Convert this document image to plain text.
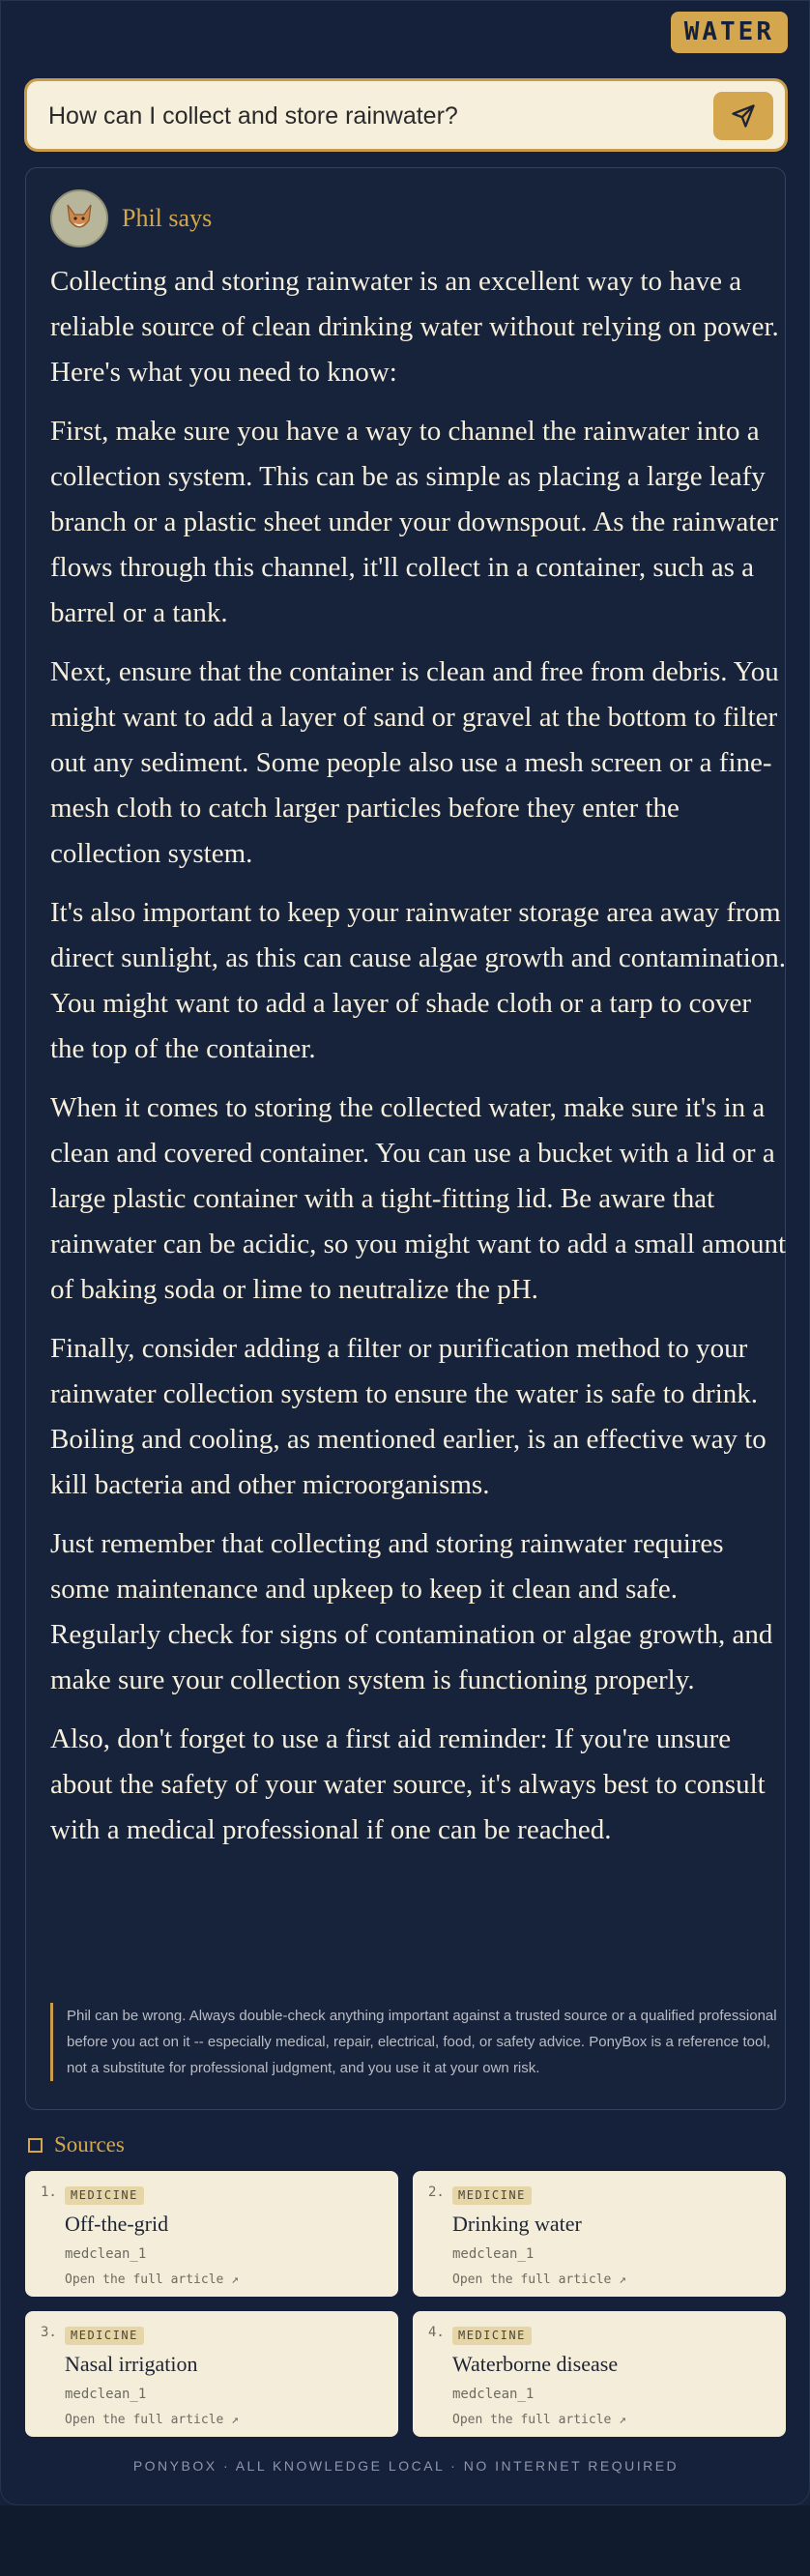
WATER
How can I collect and store rainwater?
Phil says

Collecting and storing rainwater is an excellent way to have a reliable source of clean drinking water without relying on power. Here's what you need to know:

First, make sure you have a way to channel the rainwater into a collection system. This can be as simple as placing a large leafy branch or a plastic sheet under your downspout. As the rainwater flows through this channel, it'll collect in a container, such as a barrel or a tank.

Next, ensure that the container is clean and free from debris. You might want to add a layer of sand or gravel at the bottom to filter out any sediment. Some people also use a mesh screen or a fine-mesh cloth to catch larger particles before they enter the collection system.

It's also important to keep your rainwater storage area away from direct sunlight, as this can cause algae growth and contamination. You might want to add a layer of shade cloth or a tarp to cover the top of the container.

When it comes to storing the collected water, make sure it's in a clean and covered container. You can use a bucket with a lid or a large plastic container with a tight-fitting lid. Be aware that rainwater can be acidic, so you might want to add a small amount of baking soda or lime to neutralize the pH.

Finally, consider adding a filter or purification method to your rainwater collection system to ensure the water is safe to drink. Boiling and cooling, as mentioned earlier, is an effective way to kill bacteria and other microorganisms.

Just remember that collecting and storing rainwater requires some maintenance and upkeep to keep it clean and safe. Regularly check for signs of contamination or algae growth, and make sure your collection system is functioning properly.

Also, don't forget to use a first aid reminder: If you're unsure about the safety of your water source, it's always best to consult with a medical professional if one can be reached.

Phil can be wrong. Always double-check anything important against a trusted source or a qualified professional before you act on it -- especially medical, repair, electrical, food, or safety advice. PonyBox is a reference tool, not a substitute for professional judgment, and you use it at your own risk.
Sources
1.	MEDICINE
Off-the-grid
medclean_1
Open the full article ↗
2.	MEDICINE
Drinking water
medclean_1
Open the full article ↗
3.	MEDICINE
Nasal irrigation
medclean_1
Open the full article ↗
4.	MEDICINE
Waterborne disease
medclean_1
Open the full article ↗
PONYBOX · ALL KNOWLEDGE LOCAL · NO INTERNET REQUIRED
